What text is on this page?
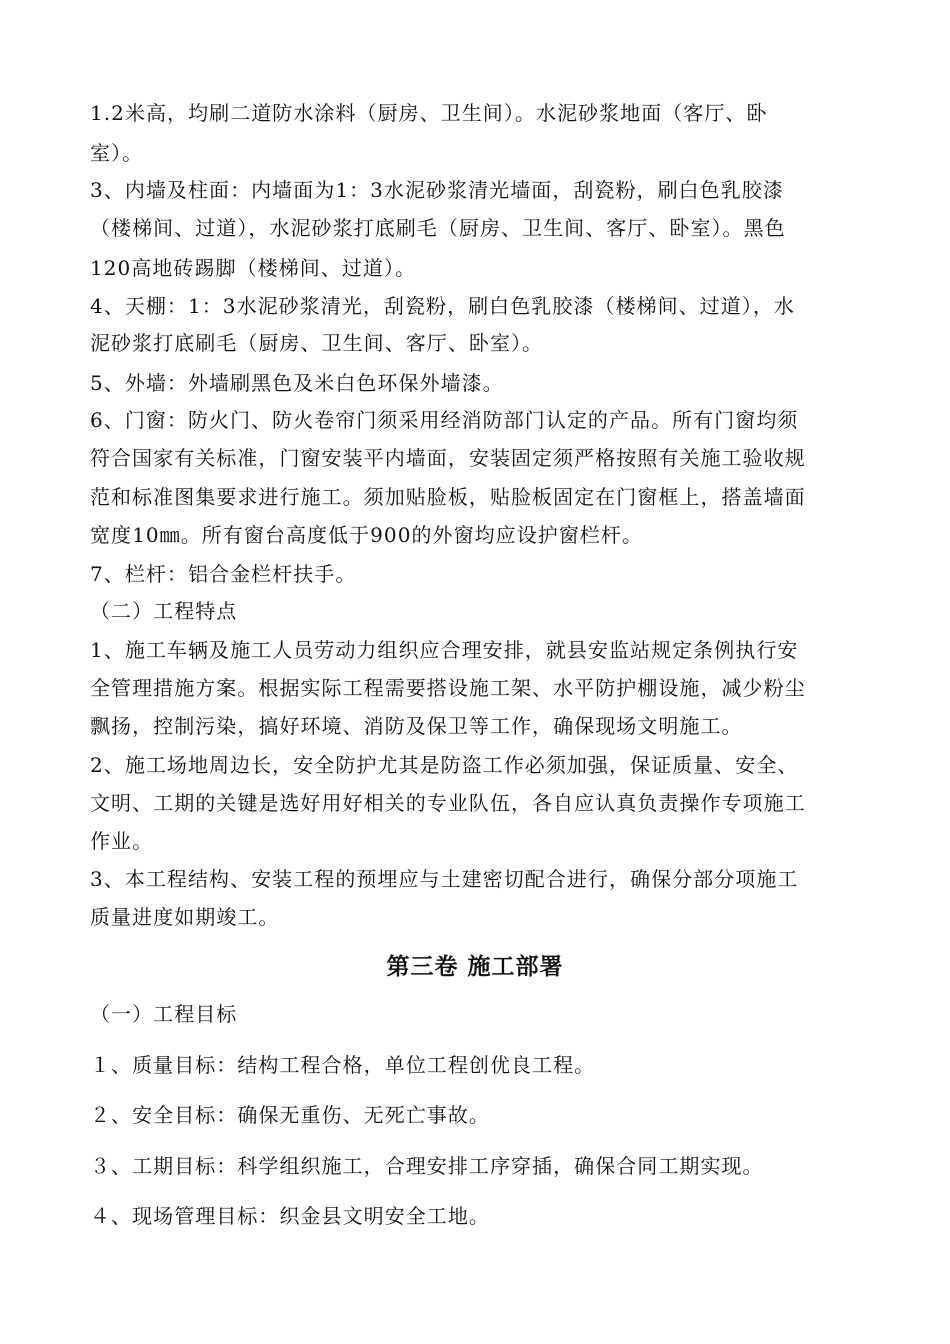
1.2米高，均刷二道防水涂料（厨房、卫生间）。水泥砂浆地面（客厅、卧
室）。
3、内墙及柱面：内墙面为1：3水泥砂浆清光墙面，刮瓷粉，刷白色乳胶漆
（楼梯间、过道），水泥砂浆打底刷毛（厨房、卫生间、客厅、卧室）。黑色
120高地砖踢脚（楼梯间、过道）。
4、天棚：1：3水泥砂浆清光，刮瓷粉，刷白色乳胶漆（楼梯间、过道），水
泥砂浆打底刷毛（厨房、卫生间、客厅、卧室）。
5、外墙：外墙刷黑色及米白色环保外墙漆。
6、门窗：防火门、防火卷帘门须采用经消防部门认定的产品。所有门窗均须
符合国家有关标准，门窗安装平内墙面，安装固定须严格按照有关施工验收规
范和标准图集要求进行施工。须加贴脸板，贴脸板固定在门窗框上，搭盖墙面
宽度10㎜。所有窗台高度低于900的外窗均应设护窗栏杆。
7、栏杆：铝合金栏杆扶手。
（二）工程特点
1、施工车辆及施工人员劳动力组织应合理安排，就县安监站规定条例执行安
全管理措施方案。根据实际工程需要搭设施工架、水平防护棚设施，减少粉尘
飘扬，控制污染，搞好环境、消防及保卫等工作，确保现场文明施工。
2、施工场地周边长，安全防护尤其是防盗工作必须加强，保证质量、安全、
文明、工期的关键是选好用好相关的专业队伍，各自应认真负责操作专项施工
作业。
3、本工程结构、安装工程的预埋应与土建密切配合进行，确保分部分项施工
质量进度如期竣工。
第三卷 施工部署
（一）工程目标
１、质量目标：结构工程合格，单位工程创优良工程。
２、安全目标：确保无重伤、无死亡事故。
３、工期目标：科学组织施工，合理安排工序穿插，确保合同工期实现。
４、现场管理目标：织金县文明安全工地。
